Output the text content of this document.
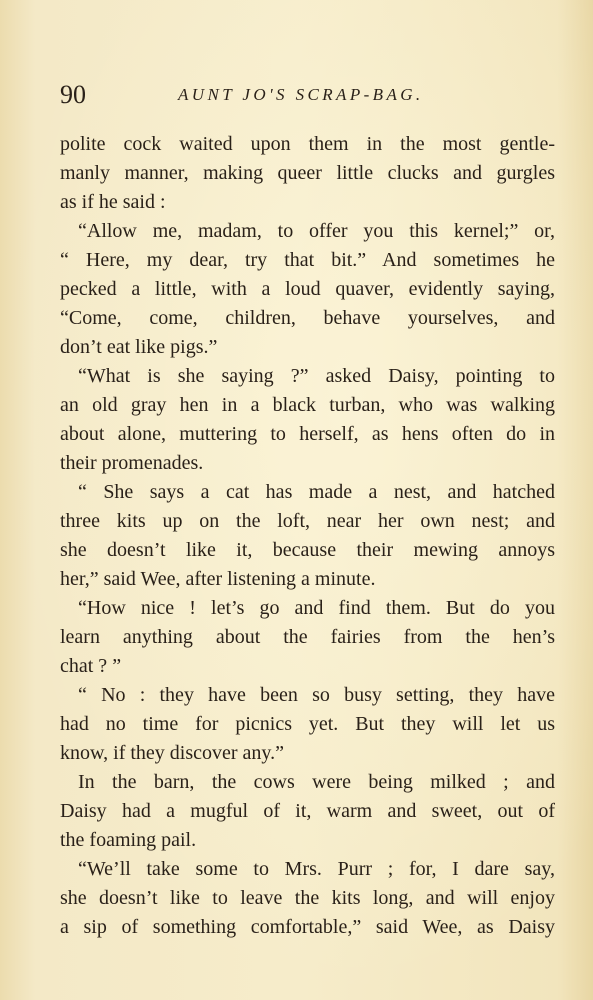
90	AUNT JO'S SCRAP-BAG.
polite cock waited upon them in the most gentle-
manly manner, making queer little clucks and gurgles
as if he said :
“Allow me, madam, to offer you this kernel;” or,
“ Here, my dear, try that bit.” And sometimes he
pecked a little, with a loud quaver, evidently saying,
“Come, come, children, behave yourselves, and
don’t eat like pigs.”
“What is she saying ?” asked Daisy, pointing to
an old gray hen in a black turban, who was walking
about alone, muttering to herself, as hens often do in
their promenades.
“ She says a cat has made a nest, and hatched
three kits up on the loft, near her own nest; and
she doesn’t like it, because their mewing annoys
her,” said Wee, after listening a minute.
“How nice ! let’s go and find them. But do you
learn anything about the fairies from the hen’s
chat ? ”
“ No : they have been so busy setting, they have
had no time for picnics yet. But they will let us
know, if they discover any.”
In the barn, the cows were being milked ; and
Daisy had a mugful of it, warm and sweet, out of
the foaming pail.
“We’ll take some to Mrs. Purr ; for, I dare say,
she doesn’t like to leave the kits long, and will enjoy
a sip of something comfortable,” said Wee, as Daisy
